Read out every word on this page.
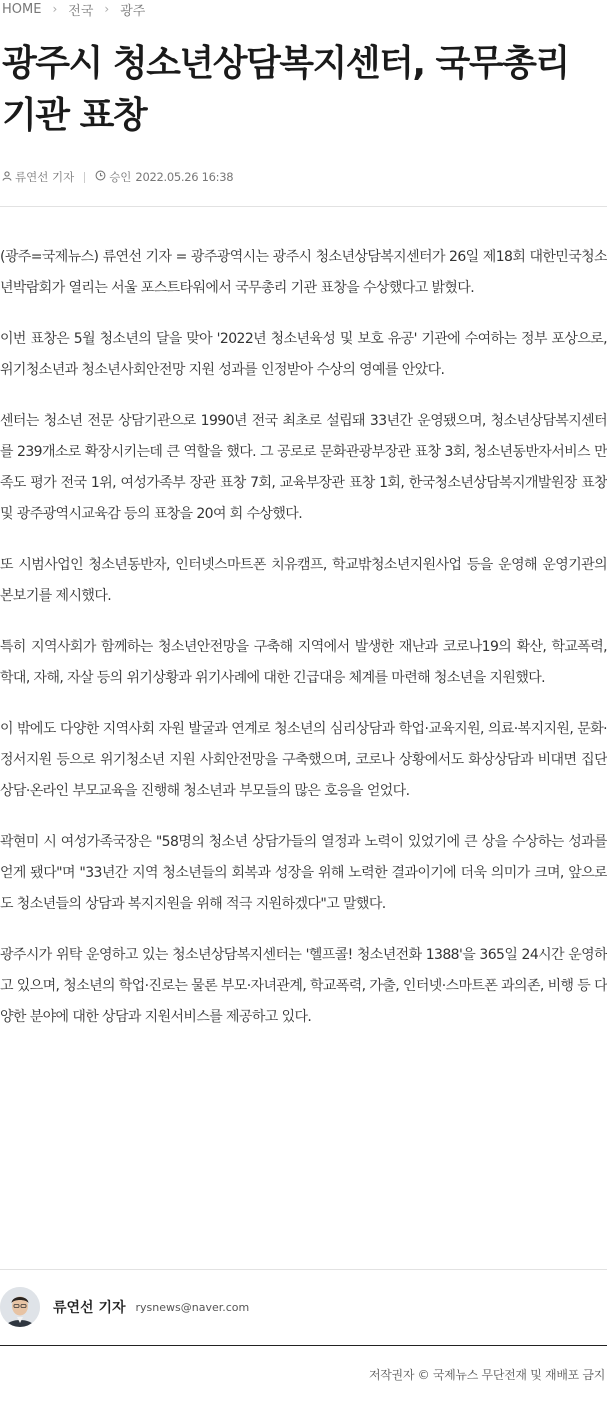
HOME › 전국 › 광주
광주시 청소년상담복지센터, 국무총리 기관 표창
류연선 기자	승인 2022.05.26 16:38

(광주=국제뉴스) 류연선 기자 = 광주광역시는 광주시 청소년상담복지센터가 26일 제18회 대한민국청소년박람회가 열리는 서울 포스트타워에서 국무총리 기관 표창을 수상했다고 밝혔다.

이번 표창은 5월 청소년의 달을 맞아 '2022년 청소년육성 및 보호 유공' 기관에 수여하는 정부 포상으로, 위기청소년과 청소년사회안전망 지원 성과를 인정받아 수상의 영예를 안았다.

센터는 청소년 전문 상담기관으로 1990년 전국 최초로 설립돼 33년간 운영됐으며, 청소년상담복지센터를 239개소로 확장시키는데 큰 역할을 했다. 그 공로로 문화관광부장관 표창 3회, 청소년동반자서비스 만족도 평가 전국 1위, 여성가족부 장관 표창 7회, 교육부장관 표창 1회, 한국청소년상담복지개발원장 표창 및 광주광역시교육감 등의 표창을 20여 회 수상했다.

또 시범사업인 청소년동반자, 인터넷스마트폰 치유캠프, 학교밖청소년지원사업 등을 운영해 운영기관의 본보기를 제시했다.

특히 지역사회가 함께하는 청소년안전망을 구축해 지역에서 발생한 재난과 코로나19의 확산, 학교폭력, 학대, 자해, 자살 등의 위기상황과 위기사례에 대한 긴급대응 체계를 마련해 청소년을 지원했다.

이 밖에도 다양한 지역사회 자원 발굴과 연계로 청소년의 심리상담과 학업·교육지원, 의료·복지지원, 문화·정서지원 등으로 위기청소년 지원 사회안전망을 구축했으며, 코로나 상황에서도 화상상담과 비대면 집단상담·온라인 부모교육을 진행해 청소년과 부모들의 많은 호응을 얻었다.

곽현미 시 여성가족국장은 "58명의 청소년 상담가들의 열정과 노력이 있었기에 큰 상을 수상하는 성과를 얻게 됐다"며 "33년간 지역 청소년들의 회복과 성장을 위해 노력한 결과이기에 더욱 의미가 크며, 앞으로도 청소년들의 상담과 복지지원을 위해 적극 지원하겠다"고 말했다.

광주시가 위탁 운영하고 있는 청소년상담복지센터는 '헬프콜! 청소년전화 1388'을 365일 24시간 운영하고 있으며, 청소년의 학업·진로는 물론 부모·자녀관계, 학교폭력, 가출, 인터넷·스마트폰 과의존, 비행 등 다양한 분야에 대한 상담과 지원서비스를 제공하고 있다.

류연선 기자 rysnews@naver.com
저작권자 © 국제뉴스 무단전재 및 재배포 금지
